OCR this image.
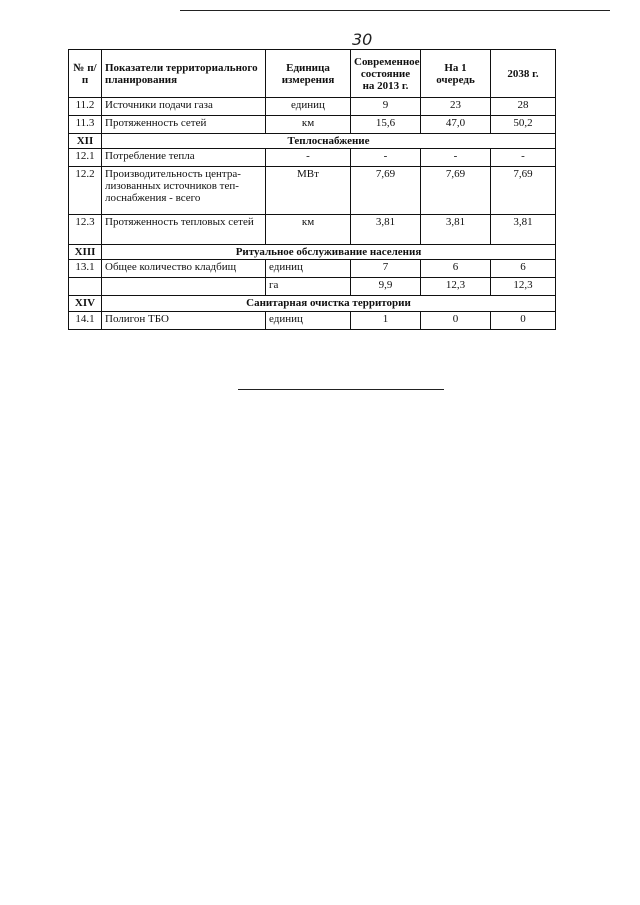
30
№ п/п	Показатели территориального планирования	Единица измерения	Современное состояние на 2013 г.	На 1 очередь	2038 г.
11.2	Источники подачи газа	единиц	9	23	28
11.3	Протяженность сетей	км	15,6	47,0	50,2
XII	Теплоснабжение				
12.1	Потребление тепла	-	-	-	-
12.2	Производительность центра-лизованных источников теп-лоснабжения - всего	МВт	7,69	7,69	7,69
12.3	Протяженность тепловых сетей	км	3,81	3,81	3,81
XIII	Ритуальное обслуживание населения				
13.1	Общее количество кладбищ	единиц	7	6	6
		га	9,9	12,3	12,3
XIV	Санитарная очистка территории				
14.1	Полигон ТБО	единиц	1	0	0
